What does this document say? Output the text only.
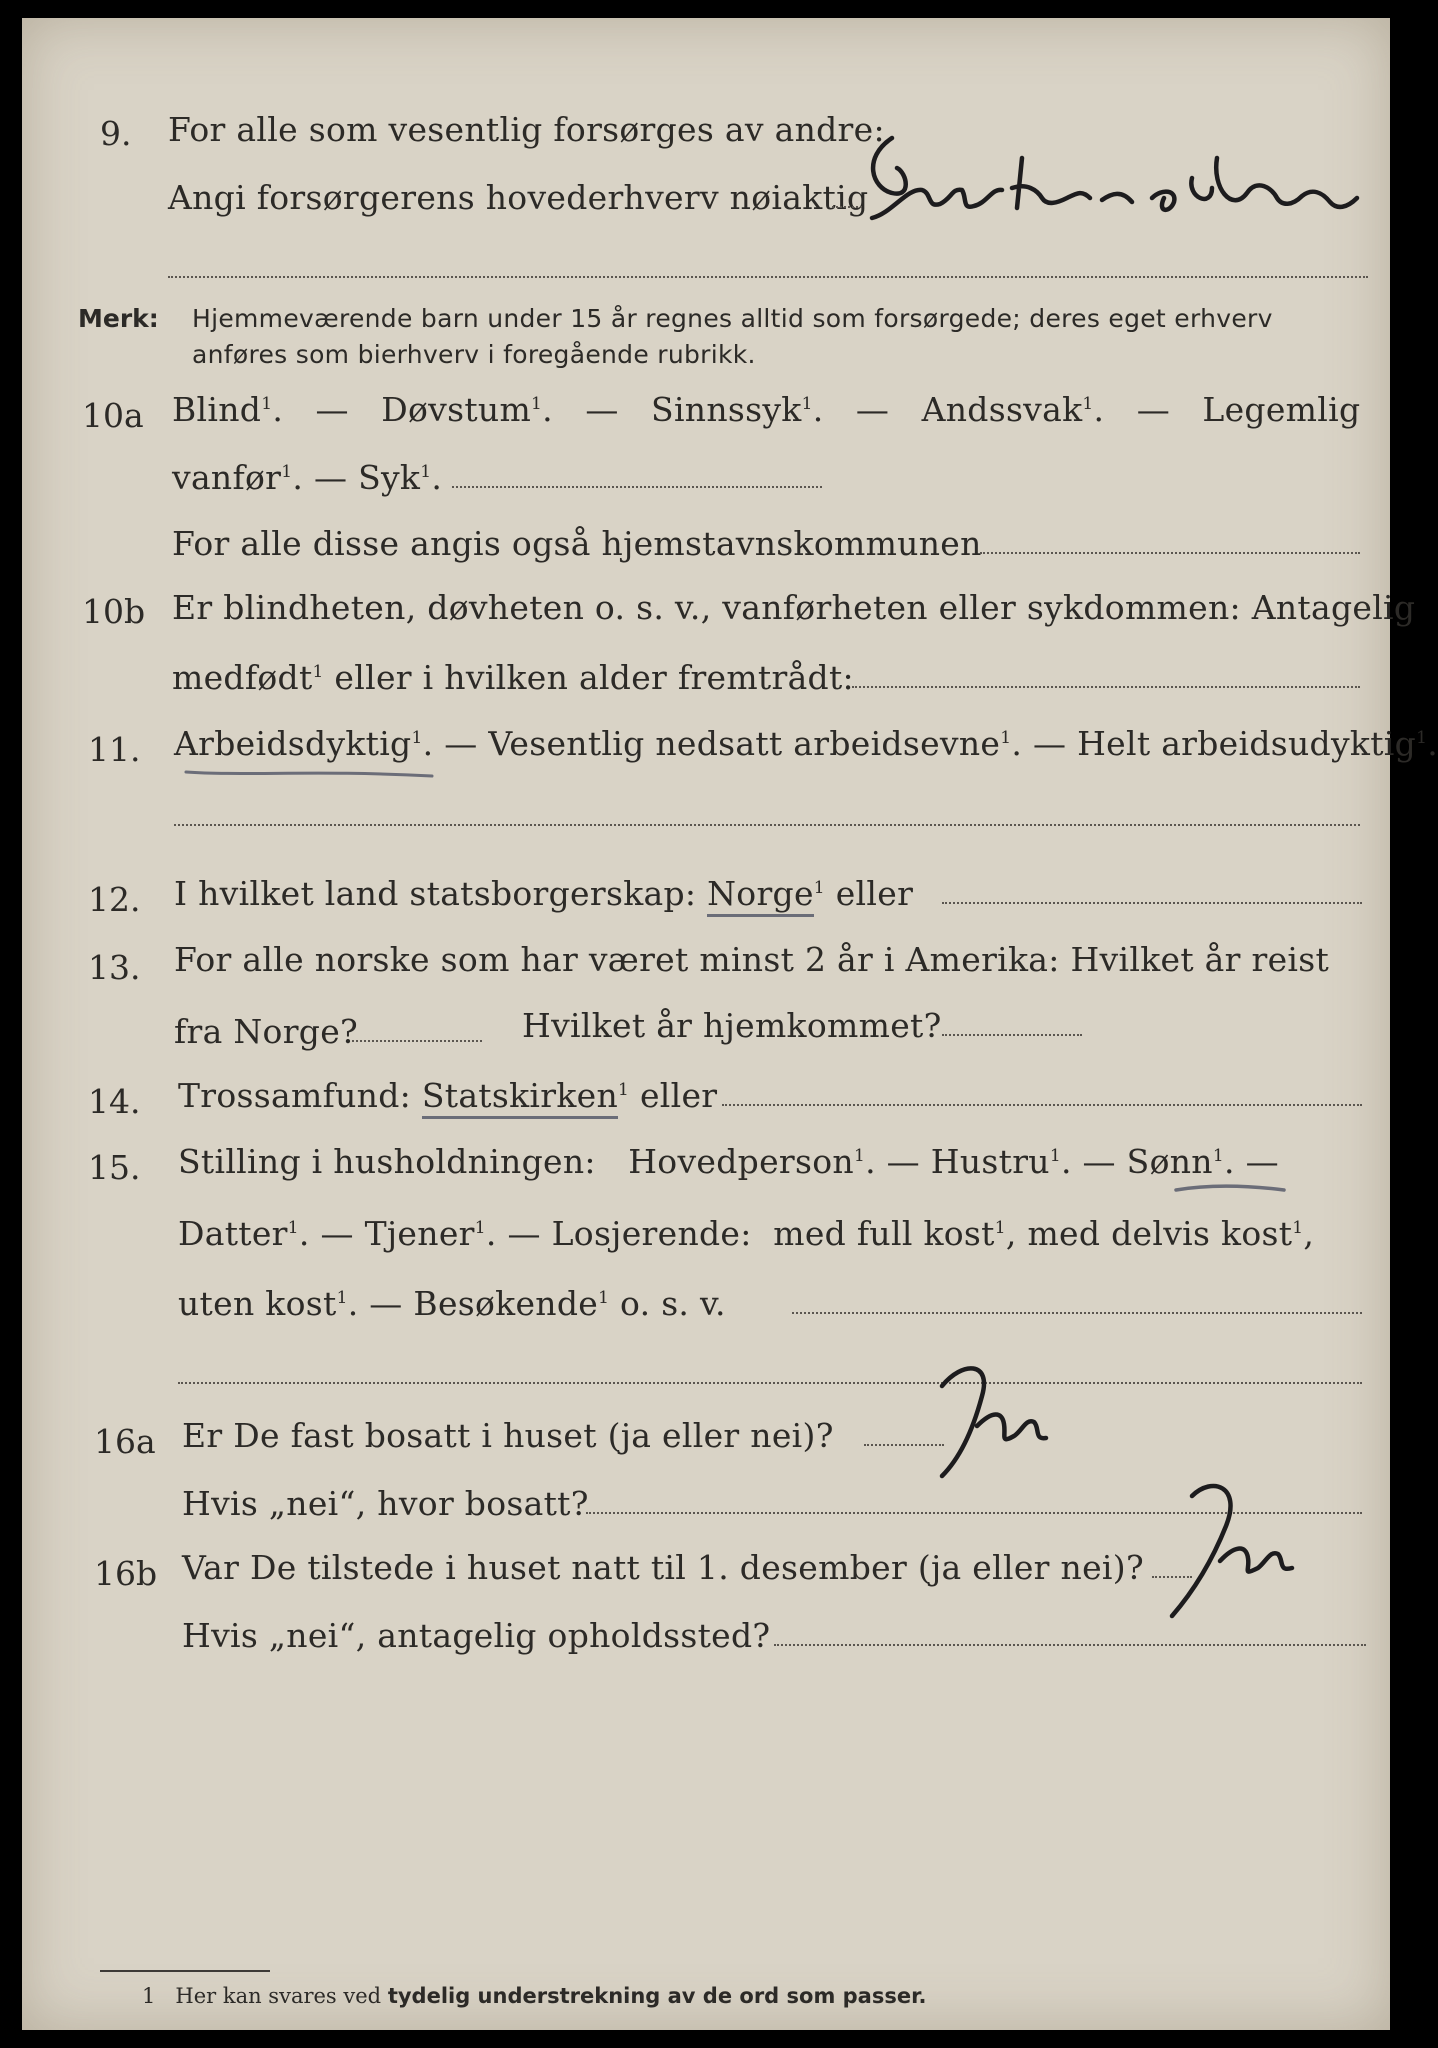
9. For alle som vesentlig forsørges av andre:
Angi forsørgerens hovederhverv nøiaktig
Merk: Hjemmeværende barn under 15 år regnes alltid som forsørgede; deres eget erhverv
anføres som bierhverv i foregående rubrikk.
10a Blind$^1$. — Døvstum$^1$. — Sinnssyk$^1$. — Andssvak$^1$. — Legemlig
vanfør$^1$. — Syk$^1$.
For alle disse angis også hjemstavnskommunen
10b Er blindheten, døvheten o. s. v., vanførheten eller sykdommen: Antagelig
medfødt$^1$ eller i hvilken alder fremtrådt:
11. Arbeidsdyktig$^1$. — Vesentlig nedsatt arbeidsevne$^1$. — Helt arbeidsudyktig$^1$.
12. I hvilket land statsborgerskap: Norge$^1$ eller
13. For alle norske som har været minst 2 år i Amerika: Hvilket år reist
fra Norge?	Hvilket år hjemkommet?
14. Trossamfund: Statskirken$^1$ eller
15. Stilling i husholdningen: Hovedperson$^1$. — Hustru$^1$. — Sønn$^1$. —
Datter$^1$. — Tjener$^1$. — Losjerende: med full kost$^1$, med delvis kost$^1$,
uten kost$^1$. — Besøkende$^1$ o. s. v.
16a Er De fast bosatt i huset (ja eller nei)?
Hvis „nei“, hvor bosatt?
16b Var De tilstede i huset natt til 1. desember (ja eller nei)?
Hvis „nei“, antagelig opholdssted?
1 Her kan svares ved tydelig understrekning av de ord som passer.
